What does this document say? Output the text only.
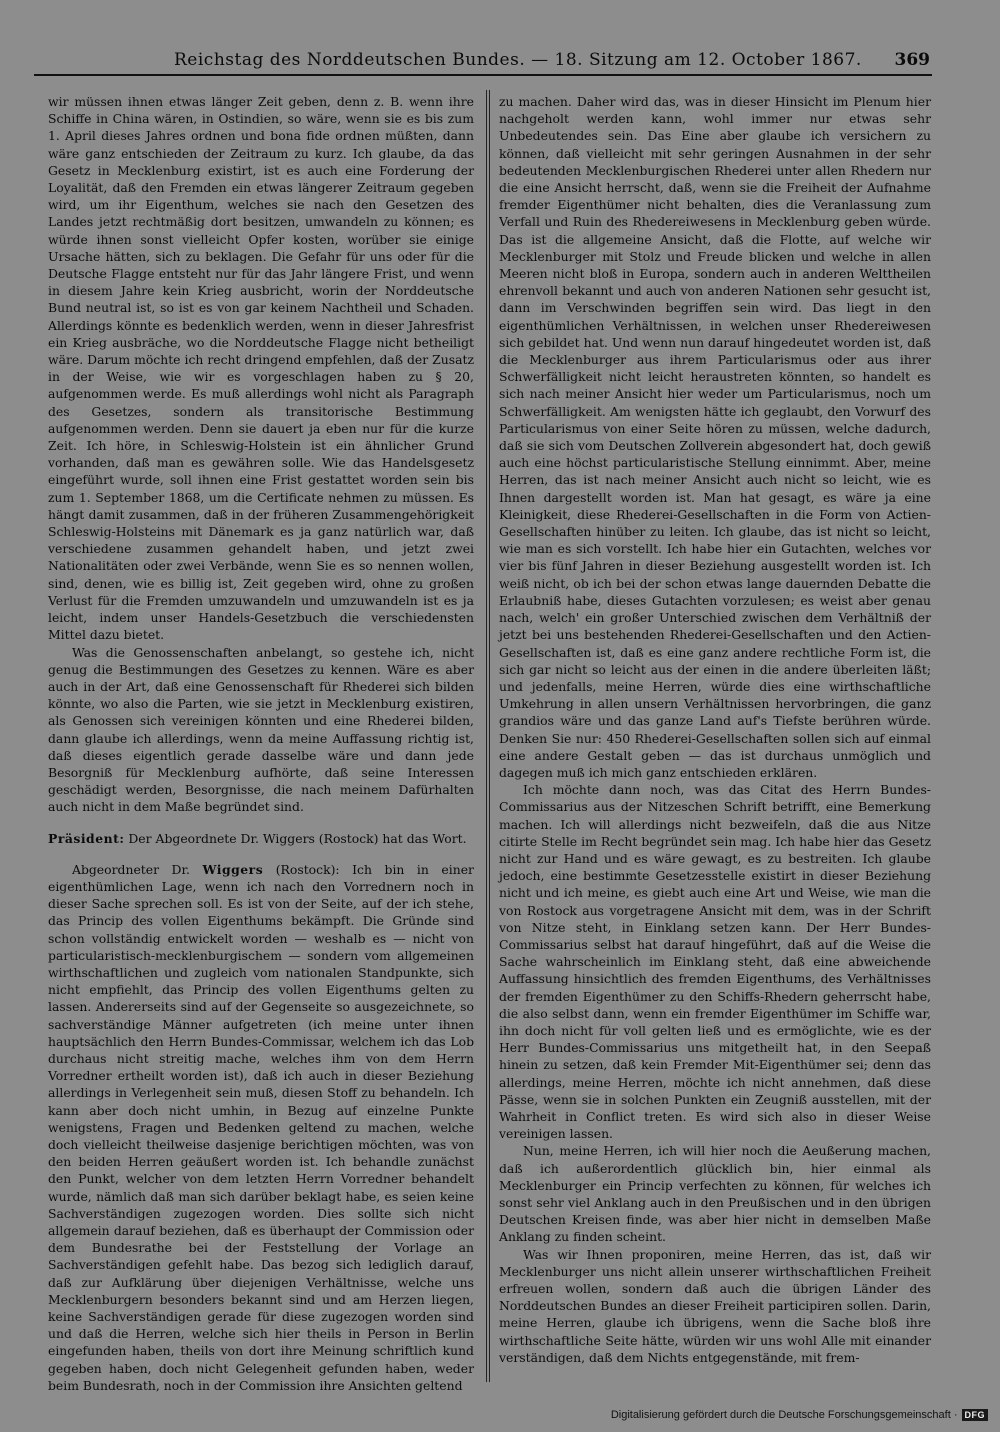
Reichstag des Norddeutschen Bundes. — 18. Sitzung am 12. October 1867. 369

wir müssen ihnen etwas länger Zeit geben, denn z. B. wenn ihre Schiffe in China wären, in Ostindien, so wäre, wenn sie es bis zum 1. April dieses Jahres ordnen und bona fide ordnen müßten, dann wäre ganz entschieden der Zeitraum zu kurz. Ich glaube, da das Gesetz in Mecklenburg existirt, ist es auch eine Forderung der Loyalität, daß den Fremden ein etwas längerer Zeitraum gegeben wird, um ihr Eigenthum, welches sie nach den Gesetzen des Landes jetzt rechtmäßig dort besitzen, umwandeln zu können; es würde ihnen sonst vielleicht Opfer kosten, worüber sie einige Ursache hätten, sich zu beklagen. Die Gefahr für uns oder für die Deutsche Flagge entsteht nur für das Jahr längere Frist, und wenn in diesem Jahre kein Krieg ausbricht, worin der Norddeutsche Bund neutral ist, so ist es von gar keinem Nachtheil und Schaden. Allerdings könnte es bedenklich werden, wenn in dieser Jahresfrist ein Krieg ausbräche, wo die Norddeutsche Flagge nicht betheiligt wäre. Darum möchte ich recht dringend empfehlen, daß der Zusatz in der Weise, wie wir es vorgeschlagen haben zu § 20, aufgenommen werde. Es muß allerdings wohl nicht als Paragraph des Gesetzes, sondern als transitorische Bestimmung aufgenommen werden. Denn sie dauert ja eben nur für die kurze Zeit. Ich höre, in Schleswig-Holstein ist ein ähnlicher Grund vorhanden, daß man es gewähren solle. Wie das Handelsgesetz eingeführt wurde, soll ihnen eine Frist gestattet worden sein bis zum 1. September 1868, um die Certificate nehmen zu müssen. Es hängt damit zusammen, daß in der früheren Zusammengehörigkeit Schleswig-Holsteins mit Dänemark es ja ganz natürlich war, daß verschiedene zusammen gehandelt haben, und jetzt zwei Nationalitäten oder zwei Verbände, wenn Sie es so nennen wollen, sind, denen, wie es billig ist, Zeit gegeben wird, ohne zu großen Verlust für die Fremden umzuwandeln und umzuwandeln ist es ja leicht, indem unser Handels-Gesetzbuch die verschiedensten Mittel dazu bietet.

Was die Genossenschaften anbelangt, so gestehe ich, nicht genug die Bestimmungen des Gesetzes zu kennen. Wäre es aber auch in der Art, daß eine Genossenschaft für Rhederei sich bilden könnte, wo also die Parten, wie sie jetzt in Mecklenburg existiren, als Genossen sich vereinigen könnten und eine Rhederei bilden, dann glaube ich allerdings, wenn da meine Auffassung richtig ist, daß dieses eigentlich gerade dasselbe wäre und dann jede Besorgniß für Mecklenburg aufhörte, daß seine Interessen geschädigt werden, Besorgnisse, die nach meinem Dafürhalten auch nicht in dem Maße begründet sind.

Präsident: Der Abgeordnete Dr. Wiggers (Rostock) hat das Wort.

Abgeordneter Dr. Wiggers (Rostock): Ich bin in einer eigenthümlichen Lage, wenn ich nach den Vorrednern noch in dieser Sache sprechen soll. Es ist von der Seite, auf der ich stehe, das Princip des vollen Eigenthums bekämpft. Die Gründe sind schon vollständig entwickelt worden — weshalb es — nicht von particularistisch-mecklenburgischem — sondern vom allgemeinen wirthschaftlichen und zugleich vom nationalen Standpunkte, sich nicht empfiehlt, das Princip des vollen Eigenthums gelten zu lassen. Andererseits sind auf der Gegenseite so ausgezeichnete, so sachverständige Männer aufgetreten (ich meine unter ihnen hauptsächlich den Herrn Bundes-Commissar, welchem ich das Lob durchaus nicht streitig mache, welches ihm von dem Herrn Vorredner ertheilt worden ist), daß ich auch in dieser Beziehung allerdings in Verlegenheit sein muß, diesen Stoff zu behandeln. Ich kann aber doch nicht umhin, in Bezug auf einzelne Punkte wenigstens, Fragen und Bedenken geltend zu machen, welche doch vielleicht theilweise dasjenige berichtigen möchten, was von den beiden Herren geäußert worden ist. Ich behandle zunächst den Punkt, welcher von dem letzten Herrn Vorredner behandelt wurde, nämlich daß man sich darüber beklagt habe, es seien keine Sachverständigen zugezogen worden. Dies sollte sich nicht allgemein darauf beziehen, daß es überhaupt der Commission oder dem Bundesrathe bei der Feststellung der Vorlage an Sachverständigen gefehlt habe. Das bezog sich lediglich darauf, daß zur Aufklärung über diejenigen Verhältnisse, welche uns Mecklenburgern besonders bekannt sind und am Herzen liegen, keine Sachverständigen gerade für diese zugezogen worden sind und daß die Herren, welche sich hier theils in Person in Berlin eingefunden haben, theils von dort ihre Meinung schriftlich kund gegeben haben, doch nicht Gelegenheit gefunden haben, weder beim Bundesrath, noch in der Commission ihre Ansichten geltend

zu machen. Daher wird das, was in dieser Hinsicht im Plenum hier nachgeholt werden kann, wohl immer nur etwas sehr Unbedeutendes sein. Das Eine aber glaube ich versichern zu können, daß vielleicht mit sehr geringen Ausnahmen in der sehr bedeutenden Mecklenburgischen Rhederei unter allen Rhedern nur die eine Ansicht herrscht, daß, wenn sie die Freiheit der Aufnahme fremder Eigenthümer nicht behalten, dies die Veranlassung zum Verfall und Ruin des Rhedereiwesens in Mecklenburg geben würde. Das ist die allgemeine Ansicht, daß die Flotte, auf welche wir Mecklenburger mit Stolz und Freude blicken und welche in allen Meeren nicht bloß in Europa, sondern auch in anderen Welttheilen ehrenvoll bekannt und auch von anderen Nationen sehr gesucht ist, dann im Verschwinden begriffen sein wird. Das liegt in den eigenthümlichen Verhältnissen, in welchen unser Rhedereiwesen sich gebildet hat. Und wenn nun darauf hingedeutet worden ist, daß die Mecklenburger aus ihrem Particularismus oder aus ihrer Schwerfälligkeit nicht leicht heraustreten könnten, so handelt es sich nach meiner Ansicht hier weder um Particularismus, noch um Schwerfälligkeit. Am wenigsten hätte ich geglaubt, den Vorwurf des Particularismus von einer Seite hören zu müssen, welche dadurch, daß sie sich vom Deutschen Zollverein abgesondert hat, doch gewiß auch eine höchst particularistische Stellung einnimmt. Aber, meine Herren, das ist nach meiner Ansicht auch nicht so leicht, wie es Ihnen dargestellt worden ist. Man hat gesagt, es wäre ja eine Kleinigkeit, diese Rhederei-Gesellschaften in die Form von Actien-Gesellschaften hinüber zu leiten. Ich glaube, das ist nicht so leicht, wie man es sich vorstellt. Ich habe hier ein Gutachten, welches vor vier bis fünf Jahren in dieser Beziehung ausgestellt worden ist. Ich weiß nicht, ob ich bei der schon etwas lange dauernden Debatte die Erlaubniß habe, dieses Gutachten vorzulesen; es weist aber genau nach, welch' ein großer Unterschied zwischen dem Verhältniß der jetzt bei uns bestehenden Rhederei-Gesellschaften und den Actien-Gesellschaften ist, daß es eine ganz andere rechtliche Form ist, die sich gar nicht so leicht aus der einen in die andere überleiten läßt; und jedenfalls, meine Herren, würde dies eine wirthschaftliche Umkehrung in allen unsern Verhältnissen hervorbringen, die ganz grandios wäre und das ganze Land auf's Tiefste berühren würde. Denken Sie nur: 450 Rhederei-Gesellschaften sollen sich auf einmal eine andere Gestalt geben — das ist durchaus unmöglich und dagegen muß ich mich ganz entschieden erklären.

Ich möchte dann noch, was das Citat des Herrn Bundes-Commissarius aus der Nitzeschen Schrift betrifft, eine Bemerkung machen. Ich will allerdings nicht bezweifeln, daß die aus Nitze citirte Stelle im Recht begründet sein mag. Ich habe hier das Gesetz nicht zur Hand und es wäre gewagt, es zu bestreiten. Ich glaube jedoch, eine bestimmte Gesetzesstelle existirt in dieser Beziehung nicht und ich meine, es giebt auch eine Art und Weise, wie man die von Rostock aus vorgetragene Ansicht mit dem, was in der Schrift von Nitze steht, in Einklang setzen kann. Der Herr Bundes-Commissarius selbst hat darauf hingeführt, daß auf die Weise die Sache wahrscheinlich im Einklang steht, daß eine abweichende Auffassung hinsichtlich des fremden Eigenthums, des Verhältnisses der fremden Eigenthümer zu den Schiffs-Rhedern geherrscht habe, die also selbst dann, wenn ein fremder Eigenthümer im Schiffe war, ihn doch nicht für voll gelten ließ und es ermöglichte, wie es der Herr Bundes-Commissarius uns mitgetheilt hat, in den Seepaß hinein zu setzen, daß kein Fremder Mit-Eigenthümer sei; denn das allerdings, meine Herren, möchte ich nicht annehmen, daß diese Pässe, wenn sie in solchen Punkten ein Zeugniß ausstellen, mit der Wahrheit in Conflict treten. Es wird sich also in dieser Weise vereinigen lassen.

Nun, meine Herren, ich will hier noch die Aeußerung machen, daß ich außerordentlich glücklich bin, hier einmal als Mecklenburger ein Princip verfechten zu können, für welches ich sonst sehr viel Anklang auch in den Preußischen und in den übrigen Deutschen Kreisen finde, was aber hier nicht in demselben Maße Anklang zu finden scheint.

Was wir Ihnen proponiren, meine Herren, das ist, daß wir Mecklenburger uns nicht allein unserer wirthschaftlichen Freiheit erfreuen wollen, sondern daß auch die übrigen Länder des Norddeutschen Bundes an dieser Freiheit participiren sollen. Darin, meine Herren, glaube ich übrigens, wenn die Sache bloß ihre wirthschaftliche Seite hätte, würden wir uns wohl Alle mit einander verständigen, daß dem Nichts entgegenstände, mit frem-

Digitalisierung gefördert durch die Deutsche Forschungsgemeinschaft · DFG
